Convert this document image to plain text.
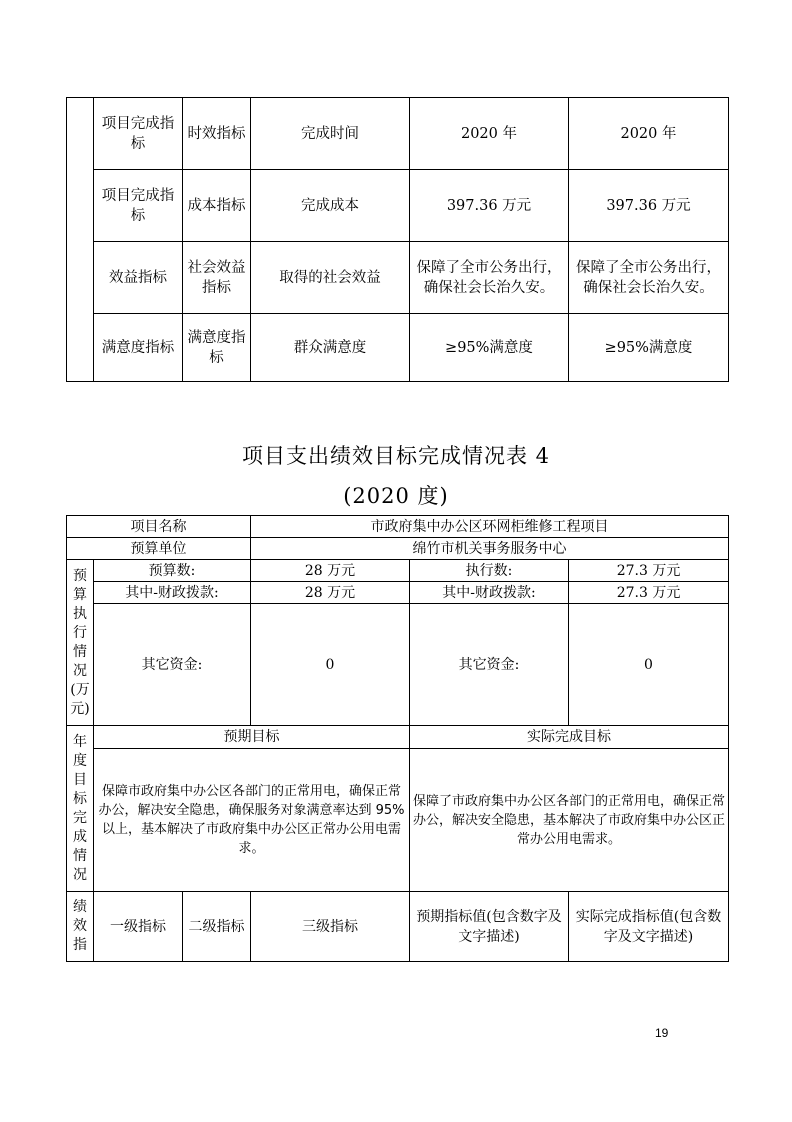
	项目完成指标	时效指标	完成时间	2020 年	2020 年
	项目完成指标	成本指标	完成成本	397.36 万元	397.36 万元
	效益指标	社会效益指标	取得的社会效益	保障了全市公务出行，确保社会长治久安。	保障了全市公务出行，确保社会长治久安。
	满意度指标	满意度指标	群众满意度	≥95%满意度	≥95%满意度
项目支出绩效目标完成情况表 4
(2020 度)
项目名称			市政府集中办公区环网柜维修工程项目		
预算单位			绵竹市机关事务服务中心		
预算执行情况(万元)	预算数:		28 万元	执行数:	27.3 万元
	其中-财政拨款:		28 万元	其中-财政拨款:	27.3 万元
	其它资金:		0	其它资金:	0
年度目标完成情况	预期目标			实际完成目标	
	保障市政府集中办公区各部门的正常用电，确保正常办公，解决安全隐患，确保服务对象满意率达到 95%以上，基本解决了市政府集中办公区正常办公用电需求。			保障了市政府集中办公区各部门的正常用电，确保正常办公，解决安全隐患，基本解决了市政府集中办公区正常办公用电需求。	
绩效指	一级指标	二级指标	三级指标	预期指标值(包含数字及文字描述)	实际完成指标值(包含数字及文字描述)
19
